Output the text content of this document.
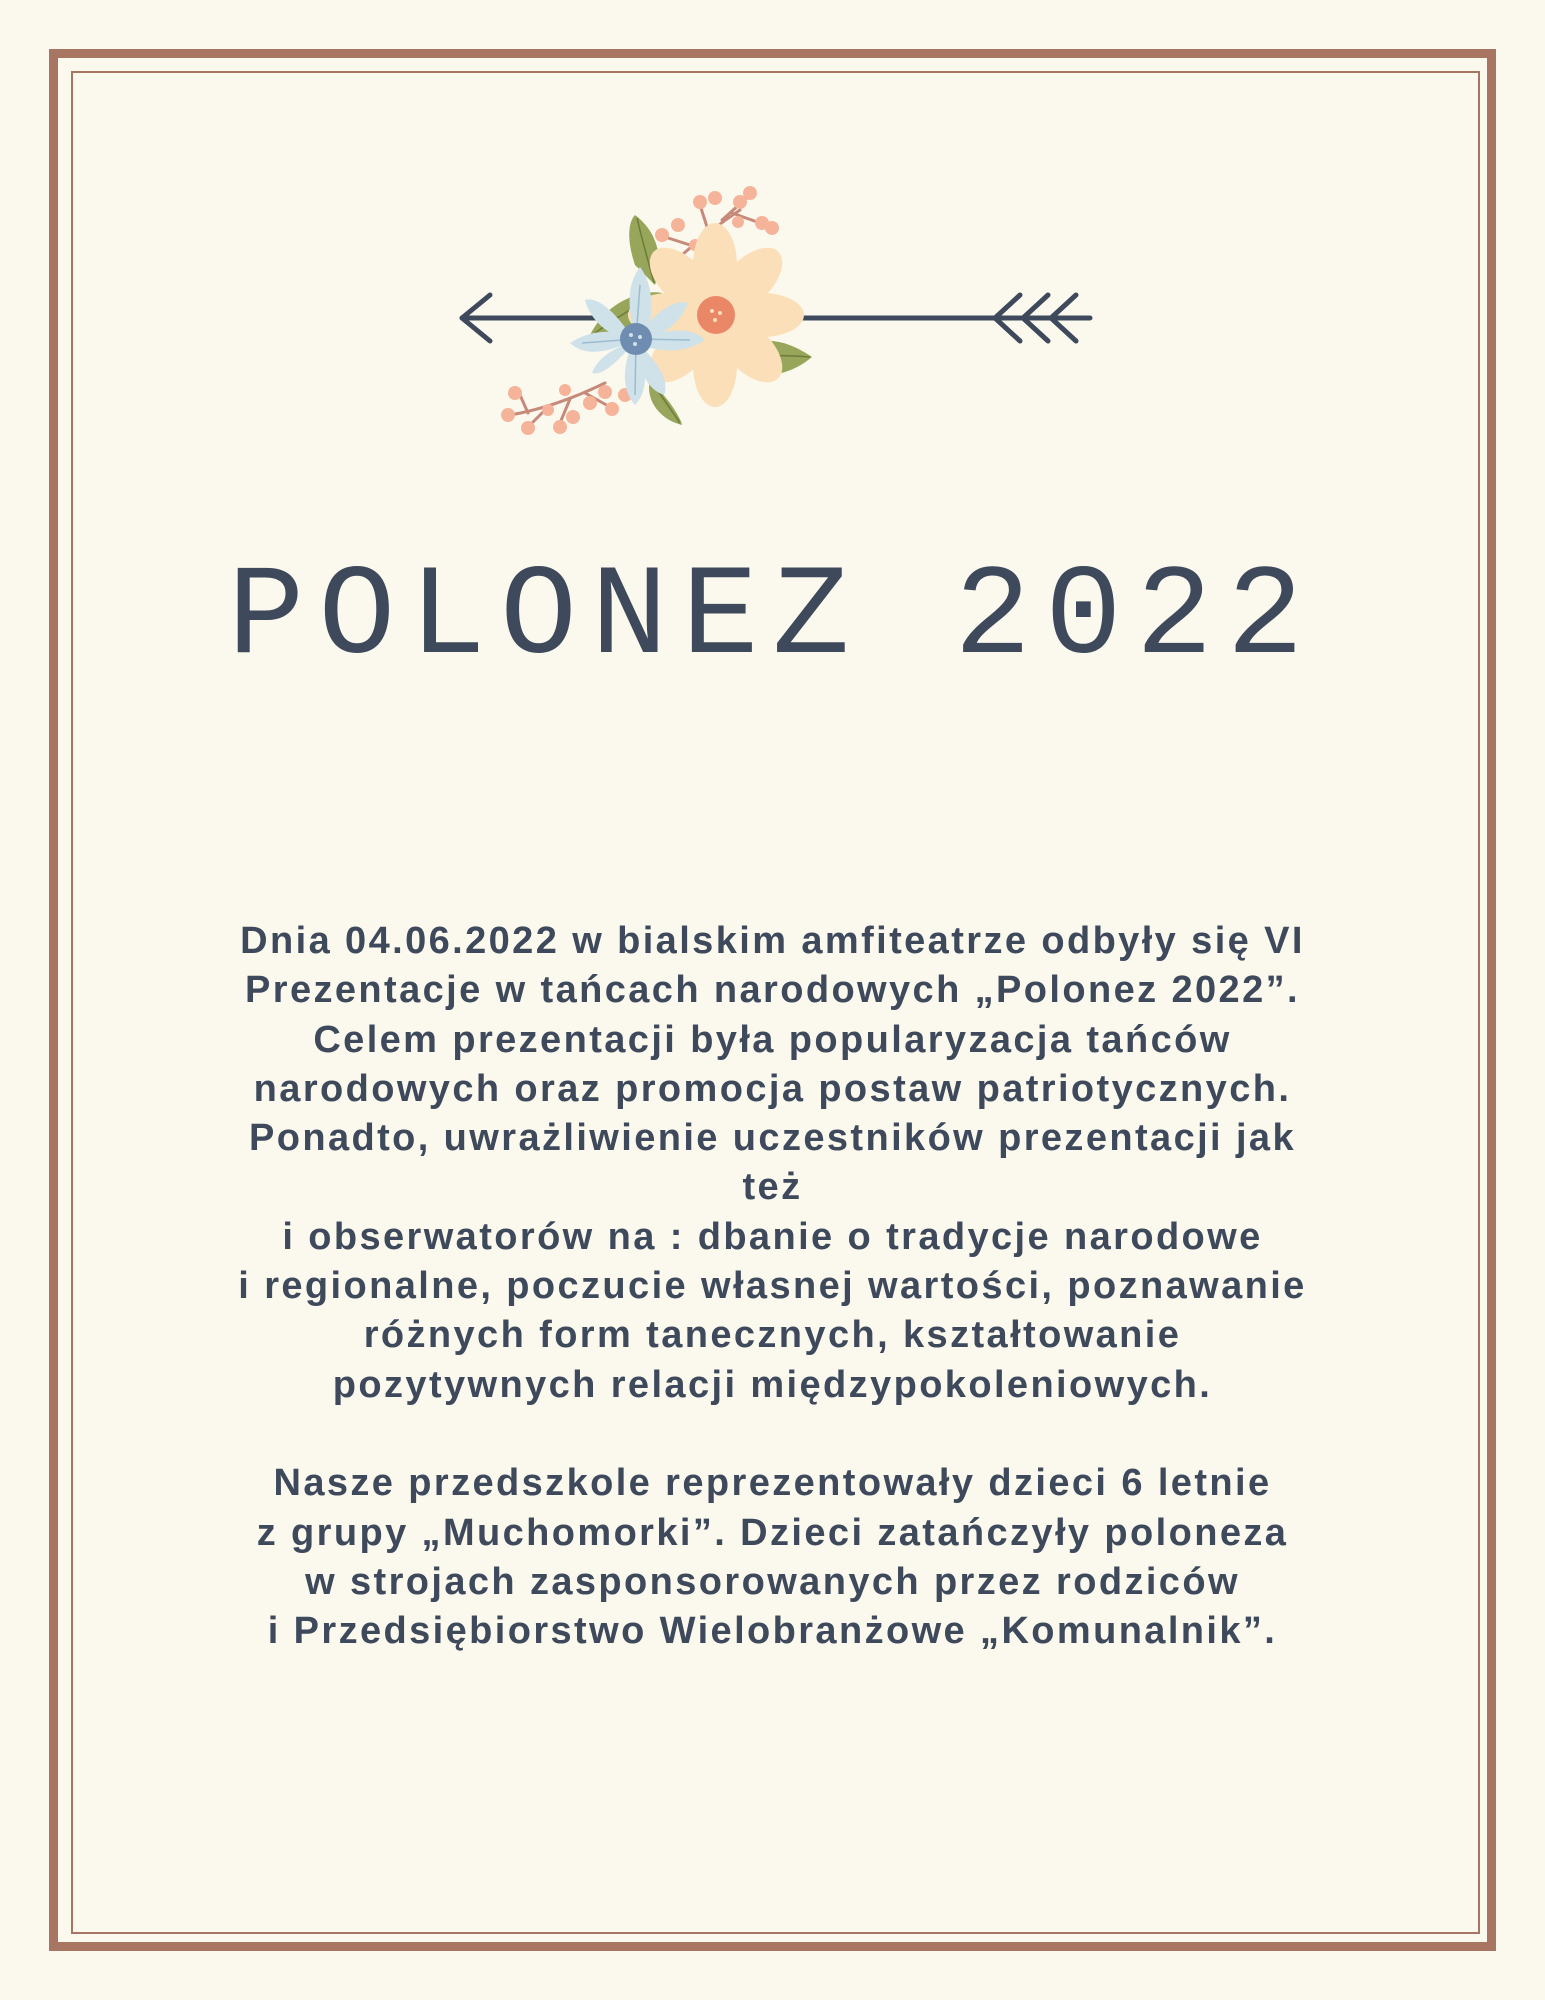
POLONEZ 2022
Dnia 04.06.2022 w bialskim amfiteatrze odbyły się VI
Prezentacje w tańcach narodowych „Polonez 2022”.
Celem prezentacji była popularyzacja tańców
narodowych oraz promocja postaw patriotycznych.
Ponadto, uwrażliwienie uczestników prezentacji jak
też
i obserwatorów na : dbanie o tradycje narodowe
i regionalne, poczucie własnej wartości, poznawanie
różnych form tanecznych, kształtowanie
pozytywnych relacji międzypokoleniowych.
Nasze przedszkole reprezentowały dzieci 6 letnie
z grupy „Muchomorki”. Dzieci zatańczyły poloneza
w strojach zasponsorowanych przez rodziców
i Przedsiębiorstwo Wielobranżowe „Komunalnik”.
